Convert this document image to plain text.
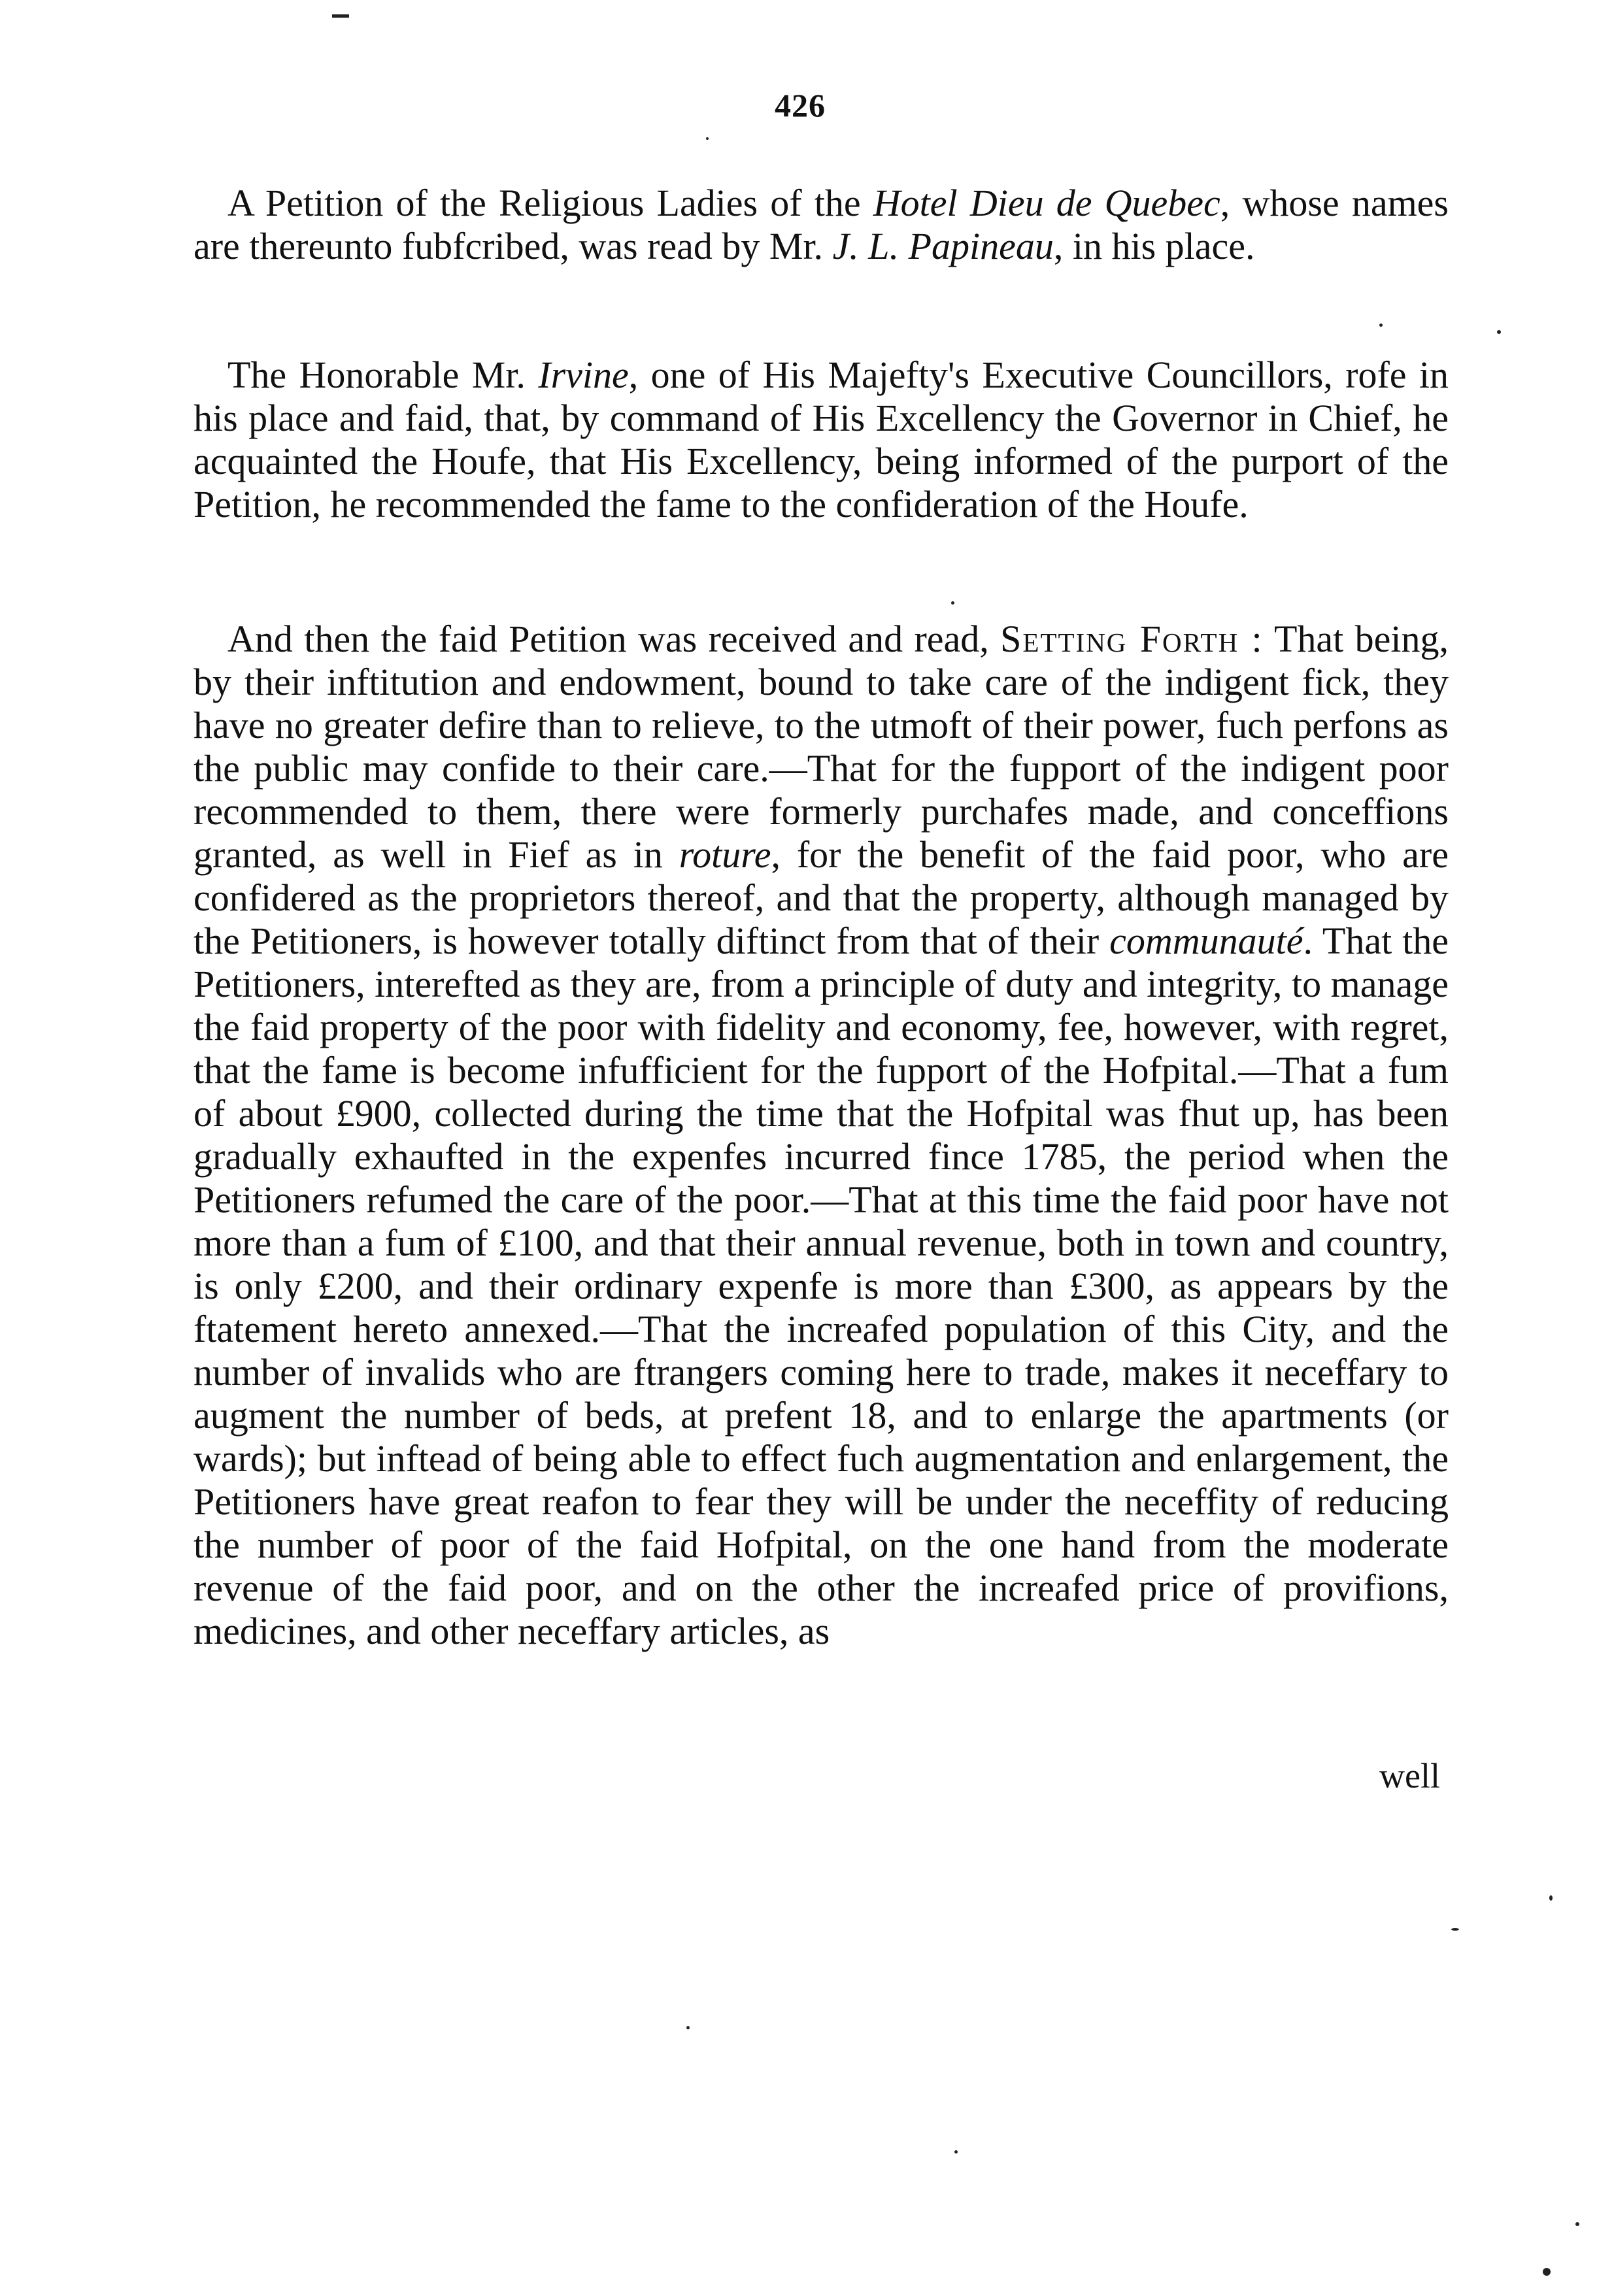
426

A Petition of the Religious Ladies of the Hotel Dieu de Quebec, whose names are thereunto fubfcribed, was read by Mr. J. L. Papineau, in his place.

The Honorable Mr. Irvine, one of His Majefty's Executive Councillors, rofe in his place and faid, that, by command of His Excellency the Governor in Chief, he acquainted the Houfe, that His Excellency, being informed of the purport of the Petition, he recommended the fame to the confideration of the Houfe.

And then the faid Petition was received and read, Setting Forth : That being, by their inftitution and endowment, bound to take care of the indigent fick, they have no greater defire than to relieve, to the utmoft of their power, fuch perfons as the public may confide to their care.—That for the fupport of the indigent poor recommended to them, there were formerly purchafes made, and conceffions granted, as well in Fief as in roture, for the benefit of the faid poor, who are confidered as the proprietors thereof, and that the property, although managed by the Petitioners, is however totally diftinct from that of their communauté. That the Petitioners, interefted as they are, from a principle of duty and integrity, to manage the faid property of the poor with fidelity and economy, fee, however, with regret, that the fame is become infufficient for the fupport of the Hofpital.—That a fum of about £900, collected during the time that the Hofpital was fhut up, has been gradually exhaufted in the expenfes incurred fince 1785, the period when the Petitioners refumed the care of the poor.—That at this time the faid poor have not more than a fum of £100, and that their annual revenue, both in town and country, is only £200, and their ordinary expenfe is more than £300, as appears by the ftatement hereto annexed.—That the increafed population of this City, and the number of invalids who are ftrangers coming here to trade, makes it neceffary to augment the number of beds, at prefent 18, and to enlarge the apartments (or wards); but inftead of being able to effect fuch augmentation and enlargement, the Petitioners have great reafon to fear they will be under the neceffity of reducing the number of poor of the faid Hofpital, on the one hand from the moderate revenue of the faid poor, and on the other the increafed price of provifions, medicines, and other neceffary articles, as

well
